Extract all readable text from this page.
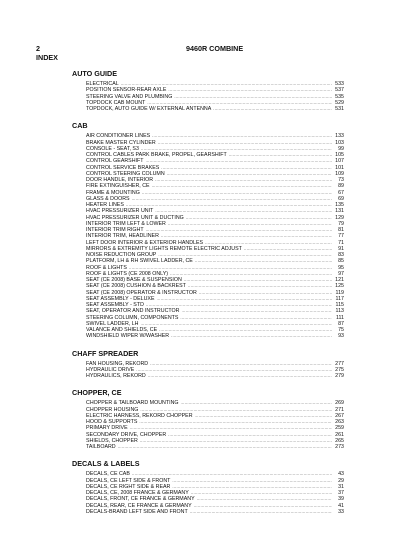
2
INDEX
9460R COMBINE
AUTO GUIDE
ELECTRICAL .....	533
POSITION SENSOR-REAR AXLE .....	537
STEERING VALVE AND PLUMBING .....	535
TOPDOCK CAB MOUNT .....	529
TOPDOCK, AUTO GUIDE W/ EXTERNAL ANTENNA .....	531
CAB
AIR CONDITIONER LINES .....	133
BRAKE MASTER CYLINDER .....	103
CONSOLE - SEAT, S3 .....	99
CONTROL CABLES PARK BRAKE, PROPEL, GEARSHIFT .....	105
CONTROL GEARSHIFT .....	107
CONTROL SERVICE BRAKES .....	101
CONTROL STEERING COLUMN .....	109
DOOR HANDLE, INTERIOR .....	73
FIRE EXTINGUISHER, CE .....	89
FRAME & MOUNTING .....	67
GLASS & DOORS .....	69
HEATER LINES .....	135
HVAC PRESSURIZER UNIT .....	131
HVAC PRESSURIZER UNIT & DUCTING .....	129
INTERIOR TRIM LEFT & LOWER .....	79
INTERIOR TRIM RIGHT .....	81
INTERIOR TRIM, HEADLINER .....	77
LEFT DOOR INTERIOR & EXTERIOR HANDLES .....	71
MIRRORS & EXTREMITY LIGHTS REMOTE ELECTRIC ADJUST .....	91
NOISE REDUCTION GROUP .....	83
PLATFORM, LH & RH SWIVEL LADDER, CE .....	85
ROOF & LIGHTS .....	95
ROOF & LIGHTS (CE 2008 ONLY) .....	97
SEAT (CE 2008) BASE & SUSPENSION .....	121
SEAT (CE 2008) CUSHION & BACKREST .....	125
SEAT (CE 2008) OPERATOR & INSTRUCTOR .....	119
SEAT ASSEMBLY - DELUXE .....	117
SEAT ASSEMBLY - STD .....	115
SEAT, OPERATOR AND INSTRUCTOR .....	113
STEERING COLUMN, COMPONENTS .....	111
SWIVEL LADDER, LH .....	87
VALANCE AND SHIELDS, CE .....	75
WINDSHIELD WIPER W/WASHER .....	93
CHAFF SPREADER
FAN HOUSING, REKORD .....	277
HYDRAULIC DRIVE .....	275
HYDRAULICS, REKORD .....	279
CHOPPER, CE
CHOPPER & TAILBOARD MOUNTING .....	269
CHOPPER HOUSING .....	271
ELECTRIC HARNESS, REKORD CHOPPER .....	267
HOOD & SUPPORTS .....	263
PRIMARY DRIVE .....	259
SECONDARY DRIVE, CHOPPER .....	261
SHIELDS, CHOPPER .....	265
TAILBOARD .....	273
DECALS & LABELS
DECALS, CE CAB .....	43
DECALS, CE LEFT SIDE & FRONT .....	29
DECALS, CE RIGHT SIDE & REAR .....	31
DECALS, CE, 2008 FRANCE & GERMANY .....	37
DECALS, FRONT, CE FRANCE & GERMANY .....	39
DECALS, REAR, CE FRANCE & GERMANY .....	41
DECALS-BRAND LEFT SIDE AND FRONT .....	33
